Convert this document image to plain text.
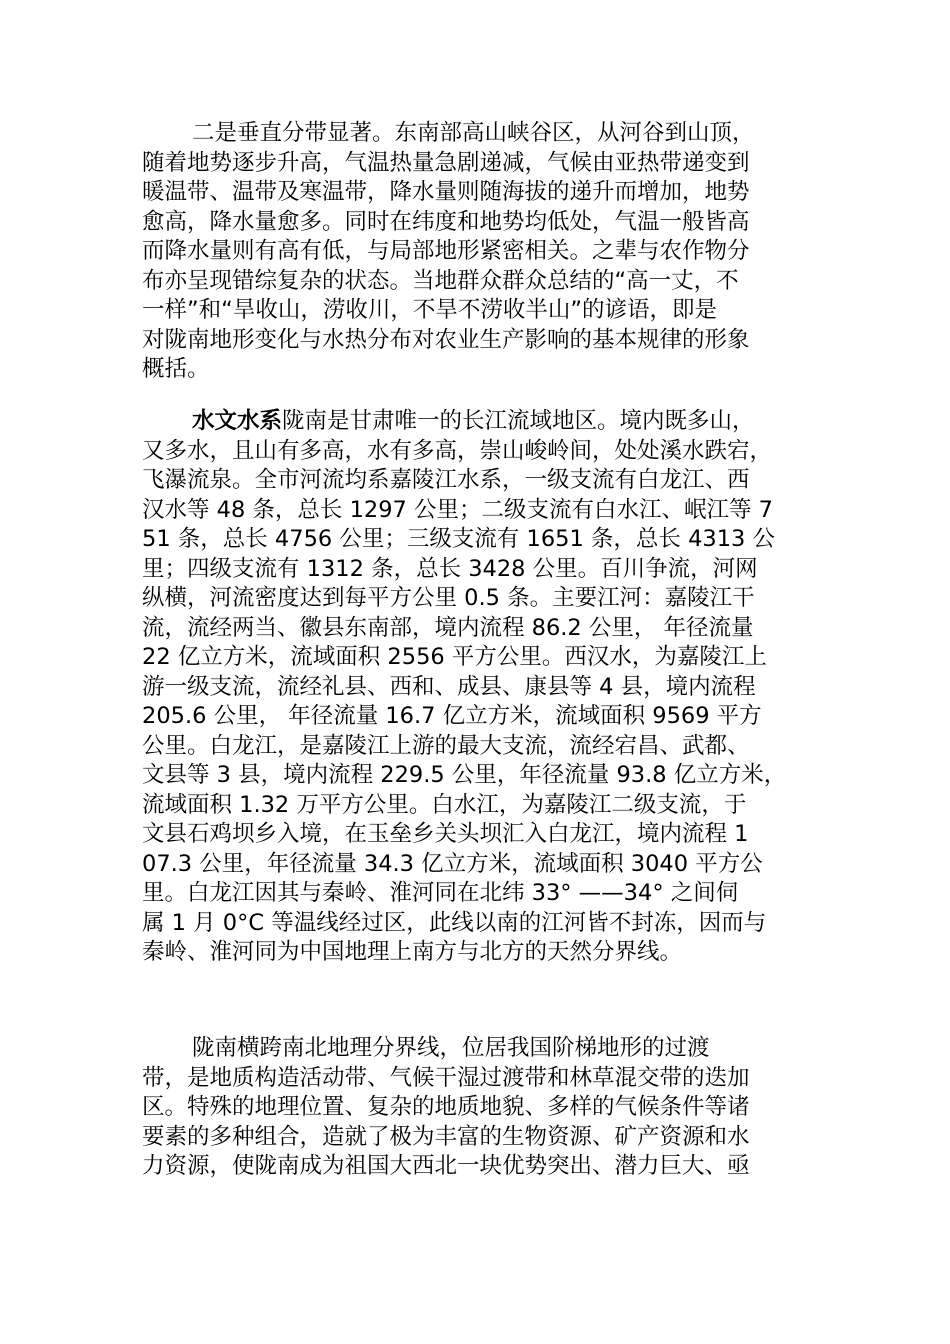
二是垂直分带显著。东南部高山峡谷区，从河谷到山顶，
随着地势逐步升高，气温热量急剧递减，气候由亚热带递变到
暖温带、温带及寒温带，降水量则随海拔的递升而增加，地势
愈高，降水量愈多。同时在纬度和地势均低处，气温一般皆高
而降水量则有高有低，与局部地形紧密相关。之辈与农作物分
布亦呈现错综复杂的状态。当地群众群众总结的“高一丈，不
一样”和“旱收山，涝收川，不旱不涝收半山”的谚语，即是
对陇南地形变化与水热分布对农业生产影响的基本规律的形象
概括。
水文水系陇南是甘肃唯一的长江流域地区。境内既多山，
又多水，且山有多高，水有多高，崇山峻岭间，处处溪水跌宕，
飞瀑流泉。全市河流均系嘉陵江水系，一级支流有白龙江、西
汉水等 48 条，总长 1297 公里；二级支流有白水江、岷江等 7
51 条，总长 4756 公里；三级支流有 1651 条，总长 4313 公
里；四级支流有 1312 条，总长 3428 公里。百川争流，河网
纵横，河流密度达到每平方公里 0.5 条。主要江河：嘉陵江干
流，流经两当、徽县东南部，境内流程 86.2 公里， 年径流量
22 亿立方米，流域面积 2556 平方公里。西汉水，为嘉陵江上
游一级支流，流经礼县、西和、成县、康县等 4 县，境内流程
205.6 公里， 年径流量 16.7 亿立方米，流域面积 9569 平方
公里。白龙江，是嘉陵江上游的最大支流，流经宕昌、武都、
文县等 3 县，境内流程 229.5 公里，年径流量 93.8 亿立方米，
流域面积 1.32 万平方公里。白水江，为嘉陵江二级支流，于
文县石鸡坝乡入境，在玉垒乡关头坝汇入白龙江，境内流程 1
07.3 公里，年径流量 34.3 亿立方米，流域面积 3040 平方公
里。白龙江因其与秦岭、淮河同在北纬 33° ——34° 之间伺
属 1 月 0°C 等温线经过区，此线以南的江河皆不封冻，因而与
秦岭、淮河同为中国地理上南方与北方的天然分界线。
陇南横跨南北地理分界线，位居我国阶梯地形的过渡
带，是地质构造活动带、气候干湿过渡带和林草混交带的迭加
区。特殊的地理位置、复杂的地质地貌、多样的气候条件等诸
要素的多种组合，造就了极为丰富的生物资源、矿产资源和水
力资源，使陇南成为祖国大西北一块优势突出、潜力巨大、亟
